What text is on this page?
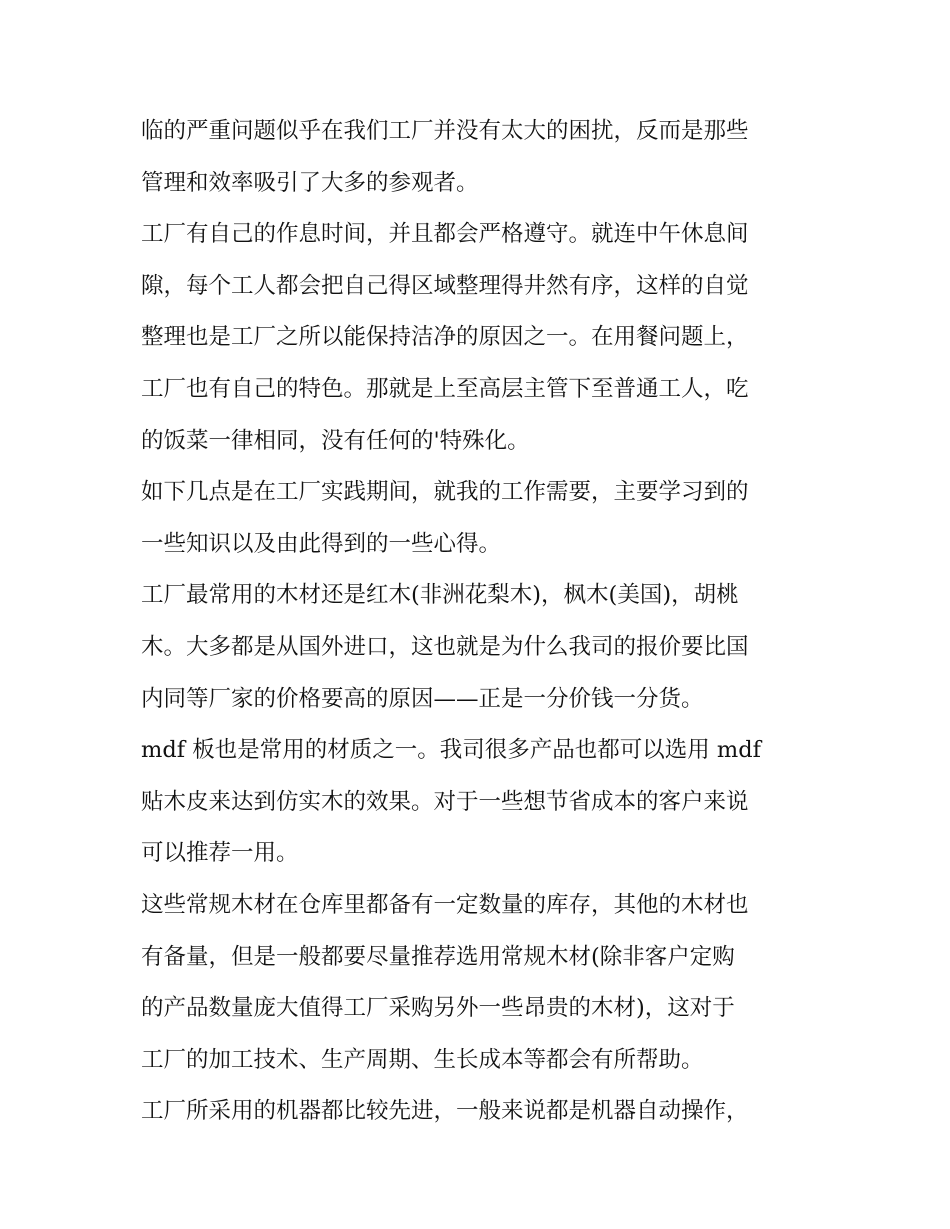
临的严重问题似乎在我们工厂并没有太大的困扰，反而是那些
管理和效率吸引了大多的参观者。
工厂有自己的作息时间，并且都会严格遵守。就连中午休息间
隙，每个工人都会把自己得区域整理得井然有序，这样的自觉
整理也是工厂之所以能保持洁净的原因之一。在用餐问题上，
工厂也有自己的特色。那就是上至高层主管下至普通工人，吃
的饭菜一律相同，没有任何的'特殊化。
如下几点是在工厂实践期间，就我的工作需要，主要学习到的
一些知识以及由此得到的一些心得。
工厂最常用的木材还是红木(非洲花梨木)，枫木(美国)，胡桃
木。大多都是从国外进口，这也就是为什么我司的报价要比国
内同等厂家的价格要高的原因——正是一分价钱一分货。
mdf 板也是常用的材质之一。我司很多产品也都可以选用 mdf
贴木皮来达到仿实木的效果。对于一些想节省成本的客户来说
可以推荐一用。
这些常规木材在仓库里都备有一定数量的库存，其他的木材也
有备量，但是一般都要尽量推荐选用常规木材(除非客户定购
的产品数量庞大值得工厂采购另外一些昂贵的木材)，这对于
工厂的加工技术、生产周期、生长成本等都会有所帮助。
工厂所采用的机器都比较先进，一般来说都是机器自动操作，
